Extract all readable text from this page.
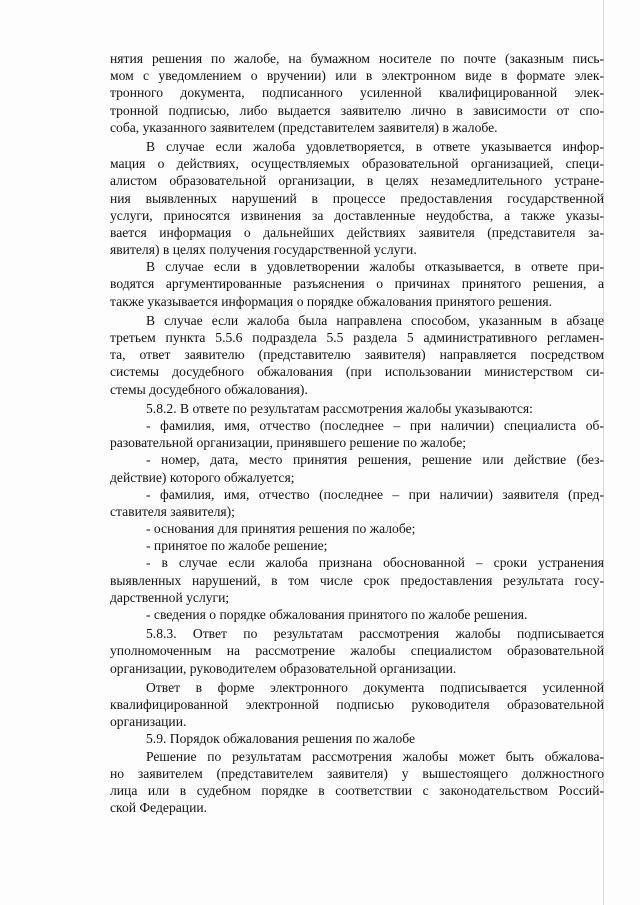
нятия решения по жалобе, на бумажном носителе по почте (заказным пись-
мом с уведомлением о вручении) или в электронном виде в формате элек-
тронного документа, подписанного усиленной квалифицированной элек-
тронной подписью, либо выдается заявителю лично в зависимости от спо-
соба, указанного заявителем (представителем заявителя) в жалобе.
В случае если жалоба удовлетворяется, в ответе указывается инфор-
мация о действиях, осуществляемых образовательной организацией, специ-
алистом образовательной организации, в целях незамедлительного устране-
ния выявленных нарушений в процессе предоставления государственной
услуги, приносятся извинения за доставленные неудобства, а также указы-
вается информация о дальнейших действиях заявителя (представителя за-
явителя) в целях получения государственной услуги.
В случае если в удовлетворении жалобы отказывается, в ответе при-
водятся аргументированные разъяснения о причинах принятого решения, а
также указывается информация о порядке обжалования принятого решения.
В случае если жалоба была направлена способом, указанным в абзаце
третьем пункта 5.5.6 подраздела 5.5 раздела 5 административного регламен-
та, ответ заявителю (представителю заявителя) направляется посредством
системы досудебного обжалования (при использовании министерством си-
стемы досудебного обжалования).
5.8.2. В ответе по результатам рассмотрения жалобы указываются:
- фамилия, имя, отчество (последнее – при наличии) специалиста об-
разовательной организации, принявшего решение по жалобе;
- номер, дата, место принятия решения, решение или действие (без-
действие) которого обжалуется;
- фамилия, имя, отчество (последнее – при наличии) заявителя (пред-
ставителя заявителя);
- основания для принятия решения по жалобе;
- принятое по жалобе решение;
- в случае если жалоба признана обоснованной – сроки устранения
выявленных нарушений, в том числе срок предоставления результата госу-
дарственной услуги;
- сведения о порядке обжалования принятого по жалобе решения.
5.8.3. Ответ по результатам рассмотрения жалобы подписывается
уполномоченным на рассмотрение жалобы специалистом образовательной
организации, руководителем образовательной организации.
Ответ в форме электронного документа подписывается усиленной
квалифицированной электронной подписью руководителя образовательной
организации.
5.9. Порядок обжалования решения по жалобе
Решение по результатам рассмотрения жалобы может быть обжалова-
но заявителем (представителем заявителя) у вышестоящего должностного
лица или в судебном порядке в соответствии с законодательством Россий-
ской Федерации.
